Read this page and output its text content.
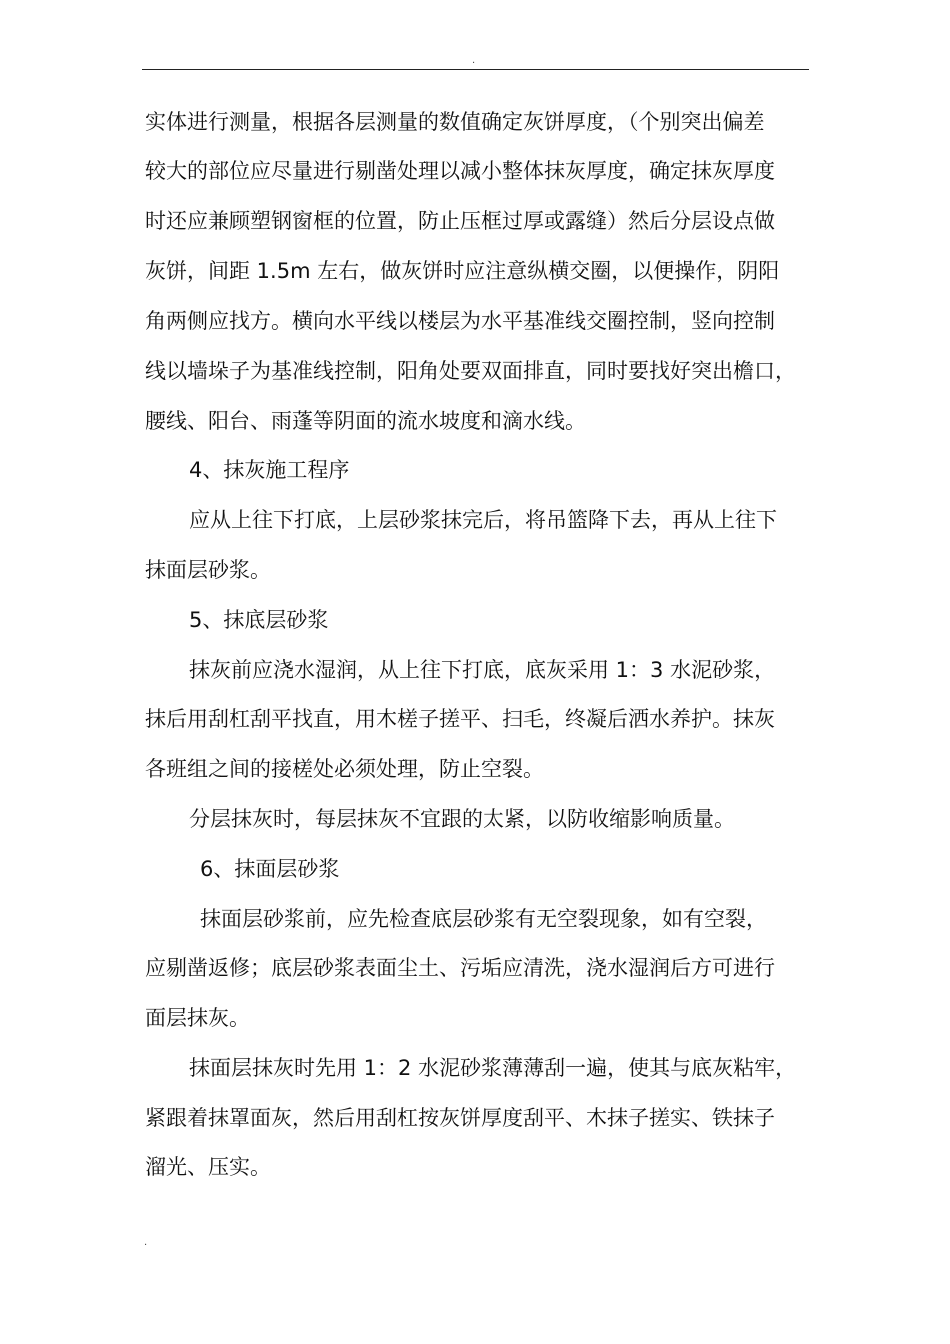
.
实体进行测量，根据各层测量的数值确定灰饼厚度，（个别突出偏差
较大的部位应尽量进行剔凿处理以减小整体抹灰厚度，确定抹灰厚度
时还应兼顾塑钢窗框的位置，防止压框过厚或露缝）然后分层设点做
灰饼，间距 1.5m 左右，做灰饼时应注意纵横交圈，以便操作，阴阳
角两侧应找方。横向水平线以楼层为水平基准线交圈控制，竖向控制
线以墙垛子为基准线控制，阳角处要双面排直，同时要找好突出檐口，
腰线、阳台、雨蓬等阴面的流水坡度和滴水线。
4、抹灰施工程序
应从上往下打底，上层砂浆抹完后，将吊篮降下去，再从上往下
抹面层砂浆。
5、抹底层砂浆
抹灰前应浇水湿润，从上往下打底，底灰采用 1：3 水泥砂浆，
抹后用刮杠刮平找直，用木槎子搓平、扫毛，终凝后洒水养护。抹灰
各班组之间的接槎处必须处理，防止空裂。
分层抹灰时，每层抹灰不宜跟的太紧，以防收缩影响质量。
6、抹面层砂浆
抹面层砂浆前，应先检查底层砂浆有无空裂现象，如有空裂，
应剔凿返修；底层砂浆表面尘土、污垢应清洗，浇水湿润后方可进行
面层抹灰。
抹面层抹灰时先用 1：2 水泥砂浆薄薄刮一遍，使其与底灰粘牢，
紧跟着抹罩面灰，然后用刮杠按灰饼厚度刮平、木抹子搓实、铁抹子
溜光、压实。
.
